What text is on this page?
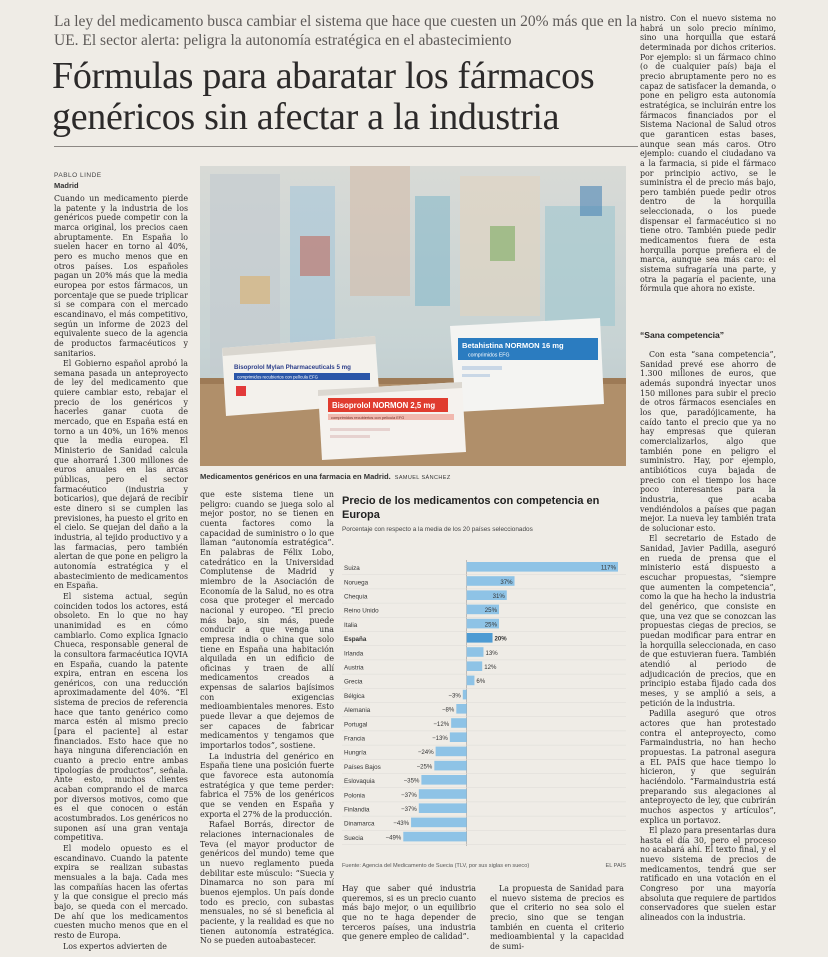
La ley del medicamento busca cambiar el sistema que hace que cuesten un 20% más que en la UE. El sector alerta: peligra la autonomía estratégica en el abastecimiento
Fórmulas para abaratar los fármacos genéricos sin afectar a la industria
PABLO LINDE
Madrid

Cuando un medicamento pierde la patente y la industria de los genéricos puede competir con la marca original, los precios caen abruptamente. En España lo suelen hacer en torno al 40%, pero es mucho menos que en otros países. Los españoles pagan un 20% más que la media europea por estos fármacos, un porcentaje que se puede triplicar si se compara con el mercado escandinavo, el más competitivo, según un informe de 2023 del equivalente sueco de la agencia de productos farmacéuticos y sanitarios.

El Gobierno español aprobó la semana pasada un anteproyecto de ley del medicamento que quiere cambiar esto, rebajar el precio de los genéricos y hacerles ganar cuota de mercado, que en España está en torno a un 40%, un 16% menos que la media europea. El Ministerio de Sanidad calcula que ahorrará 1.300 millones de euros anuales en las arcas públicas, pero el sector farmacéutico (industria y boticarios), que dejará de recibir este dinero si se cumplen las previsiones, ha puesto el grito en el cielo. Se quejan del daño a la industria, al tejido productivo y a las farmacias, pero también alertan de que pone en peligro la autonomía estratégica y el abastecimiento de medicamentos en España.

El sistema actual, según coinciden todos los actores, está obsoleto. En lo que no hay unanimidad es en cómo cambiarlo. Como explica Ignacio Chueca, responsable general de la consultora farmacéutica IQVIA en España, cuando la patente expira, entran en escena los genéricos, con una reducción aproximadamente del 40%. “El sistema de precios de referencia hace que tanto genérico como marca estén al mismo precio [para el paciente] al estar financiados. Esto hace que no haya ninguna diferenciación en cuanto a precio entre ambas tipologías de productos”, señala. Ante esto, muchos clientes acaban comprando el de marca por diversos motivos, como que es el que conocen o están acostumbrados. Los genéricos no suponen así una gran ventaja competitiva.

El modelo opuesto es el escandinavo. Cuando la patente expira se realizan subastas mensuales a la baja. Cada mes las compañías hacen las ofertas y la que consigue el precio más bajo, se queda con el mercado. De ahí que los medicamentos cuesten mucho menos que en el resto de Europa.

Los expertos advierten de

Bisoprolol Mylan Pharmaceuticals 5 mg
comprimidos recubiertos con película EFG
Betahistina NORMON 16 mg
comprimidos EFG
Bisoprolol NORMON 2,5 mg
comprimidos recubiertos con película EFG
Medicamentos genéricos en una farmacia en Madrid. SAMUEL SÁNCHEZ

que este sistema tiene un peligro: cuando se juega solo al mejor postor, no se tienen en cuenta factores como la capacidad de suministro o lo que llaman “autonomía estratégica”. En palabras de Félix Lobo, catedrático en la Universidad Complutense de Madrid y miembro de la Asociación de Economía de la Salud, no es otra cosa que proteger el mercado nacional y europeo. “El precio más bajo, sin más, puede conducir a que venga una empresa india o china que solo tiene en España una habitación alquilada en un edificio de oficinas y traen de allí medicamentos creados a expensas de salarios bajísimos con exigencias medioambientales menores. Esto puede llevar a que dejemos de ser capaces de fabricar medicamentos y tengamos que importarlos todos”, sostiene.

La industria del genérico en España tiene una posición fuerte que favorece esta autonomía estratégica y que teme perder: fabrica el 75% de los genéricos que se venden en España y exporta el 27% de la producción.

Rafael Borrás, director de relaciones internacionales de Teva (el mayor productor de genéricos del mundo) teme que un nuevo reglamento pueda debilitar este músculo: “Suecia y Dinamarca no son para mí buenos ejemplos. Un país donde todo es precio, con subastas mensuales, no sé si beneficia al paciente, y la realidad es que no tienen autonomía estratégica. No se pueden autoabastecer.

Precio de los medicamentos con competencia en Europa
Porcentaje con respecto a la media de los 20 países seleccionados
Suiza	117%
Noruega	37%
Chequia	31%
Reino Unido	25%
Italia	25%
España	20%
Irlanda	13%
Austria	12%
Grecia	6%
Bélgica	−3%
Alemania	−8%
Portugal	−12%
Francia	−13%
Hungría	−24%
Países Bajos	−25%
Eslovaquia	−35%
Polonia	−37%
Finlandia	−37%
Dinamarca	−43%
Suecia	−49%
Fuente: Agencia del Medicamento de Suecia (TLV, por sus siglas en sueco)	EL PAÍS

Hay que saber qué industria queremos, si es un precio cuanto más bajo mejor, o un equilibrio que no te haga depender de terceros países, una industria que genere empleo de calidad”.

La propuesta de Sanidad para el nuevo sistema de precios es que el criterio no sea solo el precio, sino que se tengan también en cuenta el criterio medioambiental y la capacidad de sumi-

nistro. Con el nuevo sistema no habrá un solo precio mínimo, sino una horquilla que estará determinada por dichos criterios. Por ejemplo: si un fármaco chino (o de cualquier país) baja el precio abruptamente pero no es capaz de satisfacer la demanda, o pone en peligro esta autonomía estratégica, se incluirán entre los fármacos financiados por el Sistema Nacional de Salud otros que garanticen estas bases, aunque sean más caros. Otro ejemplo: cuando el ciudadano va a la farmacia, si pide el fármaco por principio activo, se le suministra el de precio más bajo, pero también puede pedir otros dentro de la horquilla seleccionada, o los puede dispensar el farmacéutico si no tiene otro. También puede pedir medicamentos fuera de esta horquilla porque prefiera el de marca, aunque sea más caro: el sistema sufragaría una parte, y otra la pagaría el paciente, una fórmula que ahora no existe.

“Sana competencia”

Con esta “sana competencia”, Sanidad prevé ese ahorro de 1.300 millones de euros, que además supondrá inyectar unos 150 millones para subir el precio de otros fármacos esenciales en los que, paradójicamente, ha caído tanto el precio que ya no hay empresas que quieran comercializarlos, algo que también pone en peligro el suministro. Hay, por ejemplo, antibióticos cuya bajada de precio con el tiempo los hace poco interesantes para la industria, que acaba vendiéndolos a países que pagan mejor. La nueva ley también trata de solucionar esto.

El secretario de Estado de Sanidad, Javier Padilla, aseguró en rueda de prensa que el ministerio está dispuesto a escuchar propuestas, “siempre que aumenten la competencia”, como la que ha hecho la industria del genérico, que consiste en que, una vez que se conozcan las propuestas ciegas de precios, se puedan modificar para entrar en la horquilla seleccionada, en caso de que estuvieran fuera. También atendió al periodo de adjudicación de precios, que en principio estaba fijado cada dos meses, y se amplió a seis, a petición de la industria.

Padilla aseguró que otros actores que han protestado contra el anteproyecto, como Farmaindustria, no han hecho propuestas. La patronal asegura a EL PAÍS que hace tiempo lo hicieron, y que seguirán haciéndolo. “Farmaindustria está preparando sus alegaciones al anteproyecto de ley, que cubrirán muchos aspectos y artículos”, explica un portavoz.

El plazo para presentarlas dura hasta el día 30, pero el proceso no acabará ahí. El texto final, y el nuevo sistema de precios de medicamentos, tendrá que ser ratificado en una votación en el Congreso por una mayoría absoluta que requiere de partidos conservadores que suelen estar alineados con la industria.
